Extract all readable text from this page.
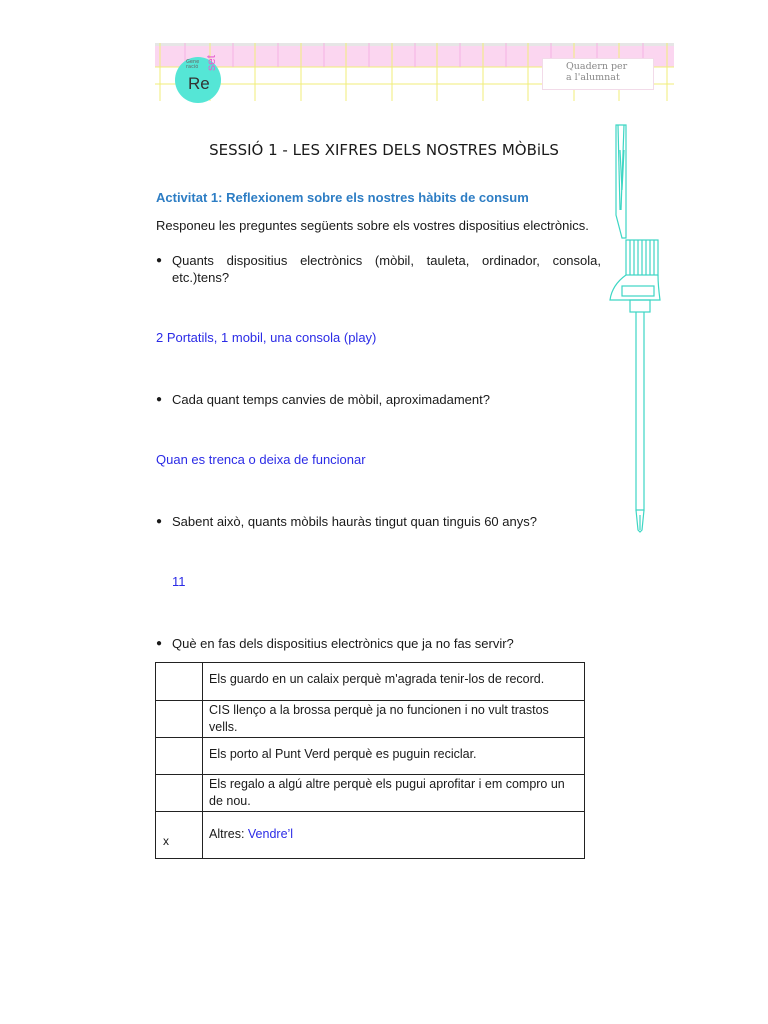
Gene
ració
Re
set	Quadern per
a l'alumnat
SESSIÓ 1 - LES XIFRES DELS NOSTRES MÒBiLS
Activitat 1: Reflexionem sobre els nostres hàbits de consum
Responeu les preguntes següents sobre els vostres dispositius electrònics.
● Quants dispositius electrònics (mòbil, tauleta, ordinador, consola,
etc.)tens?
2 Portatils, 1 mobil, una consola (play)
● Cada quant temps canvies de mòbil, aproximadament?
Quan es trenca o deixa de funcionar
● Sabent això, quants mòbils hauràs tingut quan tinguis 60 anys?
11
● Què en fas dels dispositius electrònics que ja no fas servir?
	Els guardo en un calaix perquè m'agrada tenir-los de record.

	CIS llenço a la brossa perquè ja no funcionen i no vult trastos vells.

	Els porto al Punt Verd perquè es puguin reciclar.

	Els regalo a algú altre perquè els pugui aprofitar i em compro un de nou.

x	Altres: Vendre’l
